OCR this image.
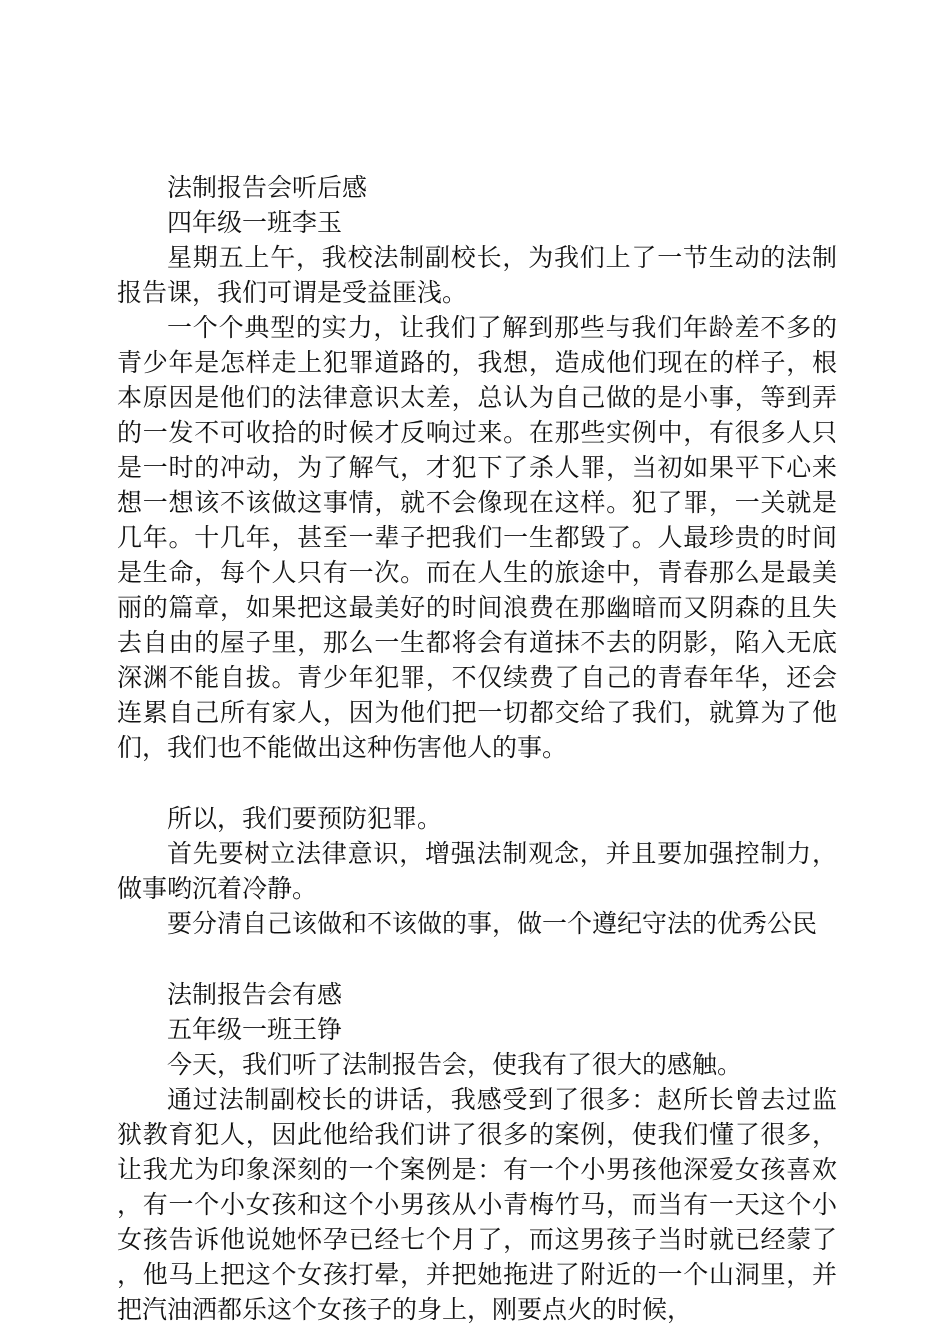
法制报告会听后感

四年级一班李玉

星期五上午，我校法制副校长，为我们上了一节生动的法制报告课，我们可谓是受益匪浅。

一个个典型的实力，让我们了解到那些与我们年龄差不多的青少年是怎样走上犯罪道路的，我想，造成他们现在的样子，根本原因是他们的法律意识太差，总认为自己做的是小事，等到弄的一发不可收拾的时候才反响过来。在那些实例中，有很多人只是一时的冲动，为了解气，才犯下了杀人罪，当初如果平下心来想一想该不该做这事情，就不会像现在这样。犯了罪，一关就是几年。十几年，甚至一辈子把我们一生都毁了。人最珍贵的时间是生命，每个人只有一次。而在人生的旅途中，青春那么是最美丽的篇章，如果把这最美好的时间浪费在那幽暗而又阴森的且失去自由的屋子里，那么一生都将会有道抹不去的阴影，陷入无底深渊不能自拔。青少年犯罪，不仅续费了自己的青春年华，还会连累自己所有家人，因为他们把一切都交给了我们，就算为了他们，我们也不能做出这种伤害他人的事。

所以，我们要预防犯罪。

首先要树立法律意识，增强法制观念，并且要加强控制力，做事哟沉着冷静。

要分清自己该做和不该做的事，做一个遵纪守法的优秀公民

法制报告会有感

五年级一班王铮

今天，我们听了法制报告会，使我有了很大的感触。

通过法制副校长的讲话，我感受到了很多：赵所长曾去过监狱教育犯人，因此他给我们讲了很多的案例，使我们懂了很多，让我尤为印象深刻的一个案例是：有一个小男孩他深爱女孩喜欢，有一个小女孩和这个小男孩从小青梅竹马，而当有一天这个小女孩告诉他说她怀孕已经七个月了，而这男孩子当时就已经蒙了，他马上把这个女孩打晕，并把她拖进了附近的一个山洞里，并把汽油洒都乐这个女孩子的身上，刚要点火的时候，
